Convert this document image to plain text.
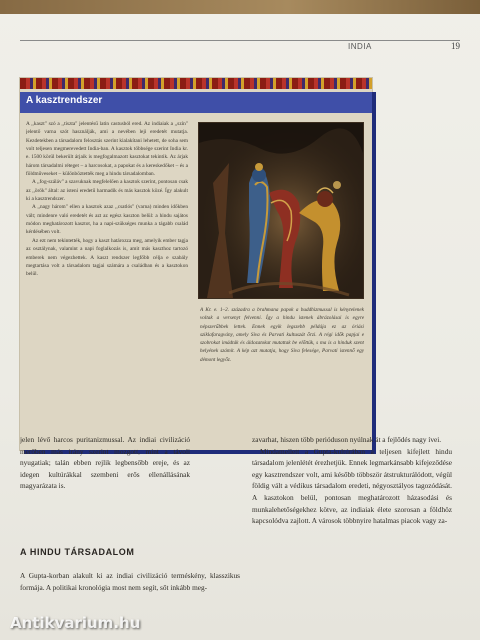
INDIA	19
A kasztrendszer

A ,,kaszt" szó a ,,tiszta" jelentésű latin castusból ered. Az indiaiak a ,,szín" jelentő varna szót használják, ami a nevében leji eredetét mutatja. Kezdetekben a társadalom felosztás szerint kialakítani lehetett, de soha sem volt teljesen megmerevedett India-ban. A kasztok többsége szerint India kr. e. 1500 körül bekerült árjaik is megfogalmazott kasztokat tekintik. Az árjak három társadalmi réteget – a harcosokat, a papokat és a kereskedőket – és a földműveseket – különböztették meg a hindu társadalomban.

A ,,fog-száláv" a szavuknak megfelelően a kasztok szerint, pontosan csak az ,,örök" által: az isteni eredetű harmadik és más kasztok közé. Így alakult ki a kasztrendszer.

A ,,nagy három" ellen a kasztok azaz ,,csatlós" (varna) minden időkben vált; mindenre való eredetét és azt az egész kaszton belül: a hindu sajátos módon meghatározott kasztot, ha a napi-szükséges munka a tágabb család kérdésében volt.

Az ezt nem tekintették, hogy a kaszt határozza meg, amelyik ember tagja az osztálynak, valamint a napi foglalkozás is, amit más kaszthoz tartozó emberek nem végezhettek. A kaszt rendszer legfőbb célja e szabály megtartása volt a társadalom tagjai számára a családban és a kasztokon belül.

A Kr. e. 1–2. századra a brahmana papok a buddhizmussal is kénytelenek voltak a versenyt felvenni. Így a hindu istenek ábrázolásai is egyre népszerűbbek lettek. Ennek egyik legszebb példája ez az óriási sziklafaragvány, amely Siva és Parvati kultuszát őrzi. A régi idők papjai e szobrokat imádták és áldozatokat mutattak be előttük, s ma is a hinduk szent helyének számít. A kép azt mutatja, hogy Siva felesége, Parvati istennő egy démont legyőz.
jelen lévő harcos puritanizmussal. Az indiai civilizáció merőben más irány szerint mozgott, mint a távoli nyugatiak; talán ebben rejlik legbensőbb ereje, és az idegen kultúrákkal szembeni erős ellenállásának magyarázata is.
A HINDU TÁRSADALOM
A Gupta-korban alakult ki az indiai civilizáció terméskény, klasszikus formája. A politikai kronológia most nem segít, sőt inkább meg-

zavarhat, hiszen több perióduson nyúlnak át a fejlődés nagy ívei.

Mindamellett a Gupta-kultúrában a teljesen kifejlett hindu társadalom jelenlétét érezhetjük. Ennek legmarkánsabb kifejeződése egy kasztrendszer volt, ami később többször átstrukturálódott, végül földig vált a védikus társadalom eredeti, négyosztályos tagozódását. A kasztokon belül, pontosan meghatározott házasodási és munkalehetőségekhez kötve, az indiaiak élete szorosan a földhöz kapcsolódva zajlott. A városok többnyire hatalmas piacok vagy za-

Antikvarium.hu
